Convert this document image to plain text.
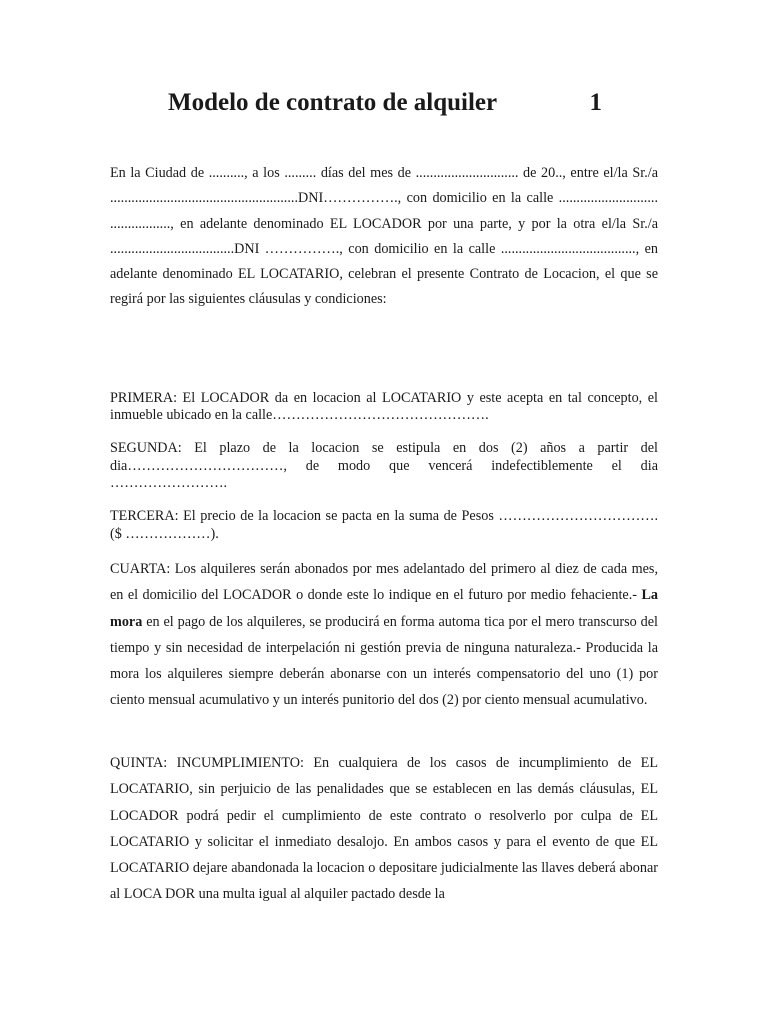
Modelo de contrato de alquiler	1

En la Ciudad de .........., a los ......... días del mes de ............................. de 20.., entre el/la Sr./a .....................................................DNI……………., con domicilio en la calle ............................ ................., en adelante denominado EL LOCADOR por una parte, y por la otra el/la Sr./a ...................................DNI ……………., con domicilio en la calle ......................................, en adelante denominado EL LOCATARIO, celebran el presente Contrato de Locacion, el que se regirá por las siguientes cláusulas y condiciones:

PRIMERA: El LOCADOR da en locacion al LOCATARIO y este acepta en tal concepto, el inmueble ubicado en la calle……………………………………….

SEGUNDA: El plazo de la locacion se estipula en dos (2) años a partir del dia……………………………, de modo que vencerá indefectiblemente el dia …………………….

TERCERA: El precio de la locacion se pacta en la suma de Pesos ……………………………. ($ ………………).

CUARTA: Los alquileres serán abonados por mes adelantado del primero al diez de cada mes, en el domicilio del LOCADOR o donde este lo indique en el futuro por medio fehaciente.- La mora en el pago de los alquileres, se producirá en forma automa tica por el mero transcurso del tiempo y sin necesidad de interpelación ni gestión previa de ninguna naturaleza.- Producida la mora los alquileres siempre deberán abonarse con un interés compensatorio del uno (1) por ciento mensual acumulativo y un interés punitorio del dos (2) por ciento mensual acumulativo.

QUINTA: INCUMPLIMIENTO: En cualquiera de los casos de incumplimiento de EL LOCATARIO, sin perjuicio de las penalidades que se establecen en las demás cláusulas, EL LOCADOR podrá pedir el cumplimiento de este contrato o resolverlo por culpa de EL LOCATARIO y solicitar el inmediato desalojo. En ambos casos y para el evento de que EL LOCATARIO dejare abandonada la locacion o depositare judicialmente las llaves deberá abonar al LOCA DOR una multa igual al alquiler pactado desde la
